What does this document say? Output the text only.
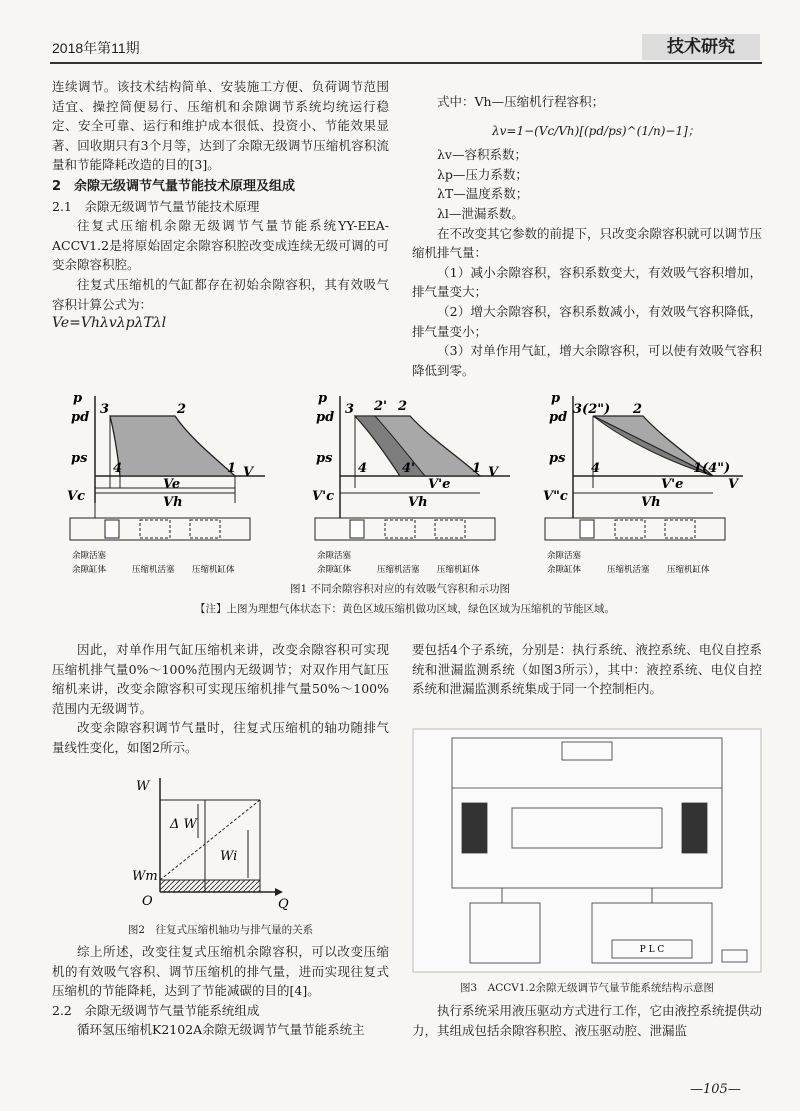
2018年第11期	技术研究

连续调节。该技术结构简单、安装施工方便、负荷调节范围适宜、操控简便易行、压缩机和余隙调节系统均统运行稳定、安全可靠、运行和维护成本很低、投资小、节能效果显著、回收期只有3个月等，达到了余隙无级调节压缩机容积流量和节能降耗改造的目的[3]。

2　余隙无级调节气量节能技术原理及组成

2.1　余隙无级调节气量节能技术原理

往复式压缩机余隙无级调节气量节能系统YY-EEA-ACCV1.2是将原始固定余隙容积腔改变成连续无级可调的可变余隙容积腔。

往复式压缩机的气缸都存在初始余隙容积，其有效吸气容积计算公式为：

Ve=VhλvλpλTλl

式中：Vh—压缩机行程容积；

λv=1−(Vc/Vh)[(pd/ps)^(1/n)−1]；

λv—容积系数；

λp—压力系数；

λT—温度系数；

λl—泄漏系数。

在不改变其它参数的前提下，只改变余隙容积就可以调节压缩机排气量：

（1）减小余隙容积，容积系数变大，有效吸气容积增加，排气量变大；

（2）增大余隙容积，容积系数减小，有效吸气容积降低，排气量变小；

（3）对单作用气缸，增大余隙容积，可以使有效吸气容积降低到零。

p
pd
ps
V
3	2
4	1
Ve
Vc	Vh
p
pd
ps
V
3 2' 2
4	4'	1
V'e
V'c	Vh
p
pd
ps
V
3(2") 2
4	1(4")
V'e
V"c	Vh
余隙活塞
余隙缸体	压缩机活塞 压缩机缸体
余隙活塞
余隙缸体	压缩机活塞 压缩机缸体
余隙活塞
余隙缸体	压缩机活塞 压缩机缸体
图1 不同余隙容积对应的有效吸气容积和示功图
【注】上图为理想气体状态下：黄色区域压缩机做功区域，绿色区域为压缩机的节能区域。

因此，对单作用气缸压缩机来讲，改变余隙容积可实现压缩机排气量0%～100%范围内无级调节；对双作用气缸压缩机来讲，改变余隙容积可实现压缩机排气量50%～100%范围内无级调节。

改变余隙容积调节气量时，往复式压缩机的轴功随排气量线性变化，如图2所示。

W
Δ W
Wi
Wm
O	Q
图2　往复式压缩机轴功与排气量的关系

综上所述，改变往复式压缩机余隙容积，可以改变压缩机的有效吸气容积、调节压缩机的排气量，进而实现往复式压缩机的节能降耗，达到了节能减碳的目的[4]。

2.2　余隙无级调节气量节能系统组成

循环氢压缩机K2102A余隙无级调节气量节能系统主

要包括4个子系统，分别是：执行系统、液控系统、电仪自控系统和泄漏监测系统（如图3所示），其中：液控系统、电仪自控系统和泄漏监测系统集成于同一个控制柜内。

P L C
图3　ACCV1.2余隙无级调节气量节能系统结构示意图

执行系统采用液压驱动方式进行工作，它由液控系统提供动力，其组成包括余隙容积腔、液压驱动腔、泄漏监

—105—
